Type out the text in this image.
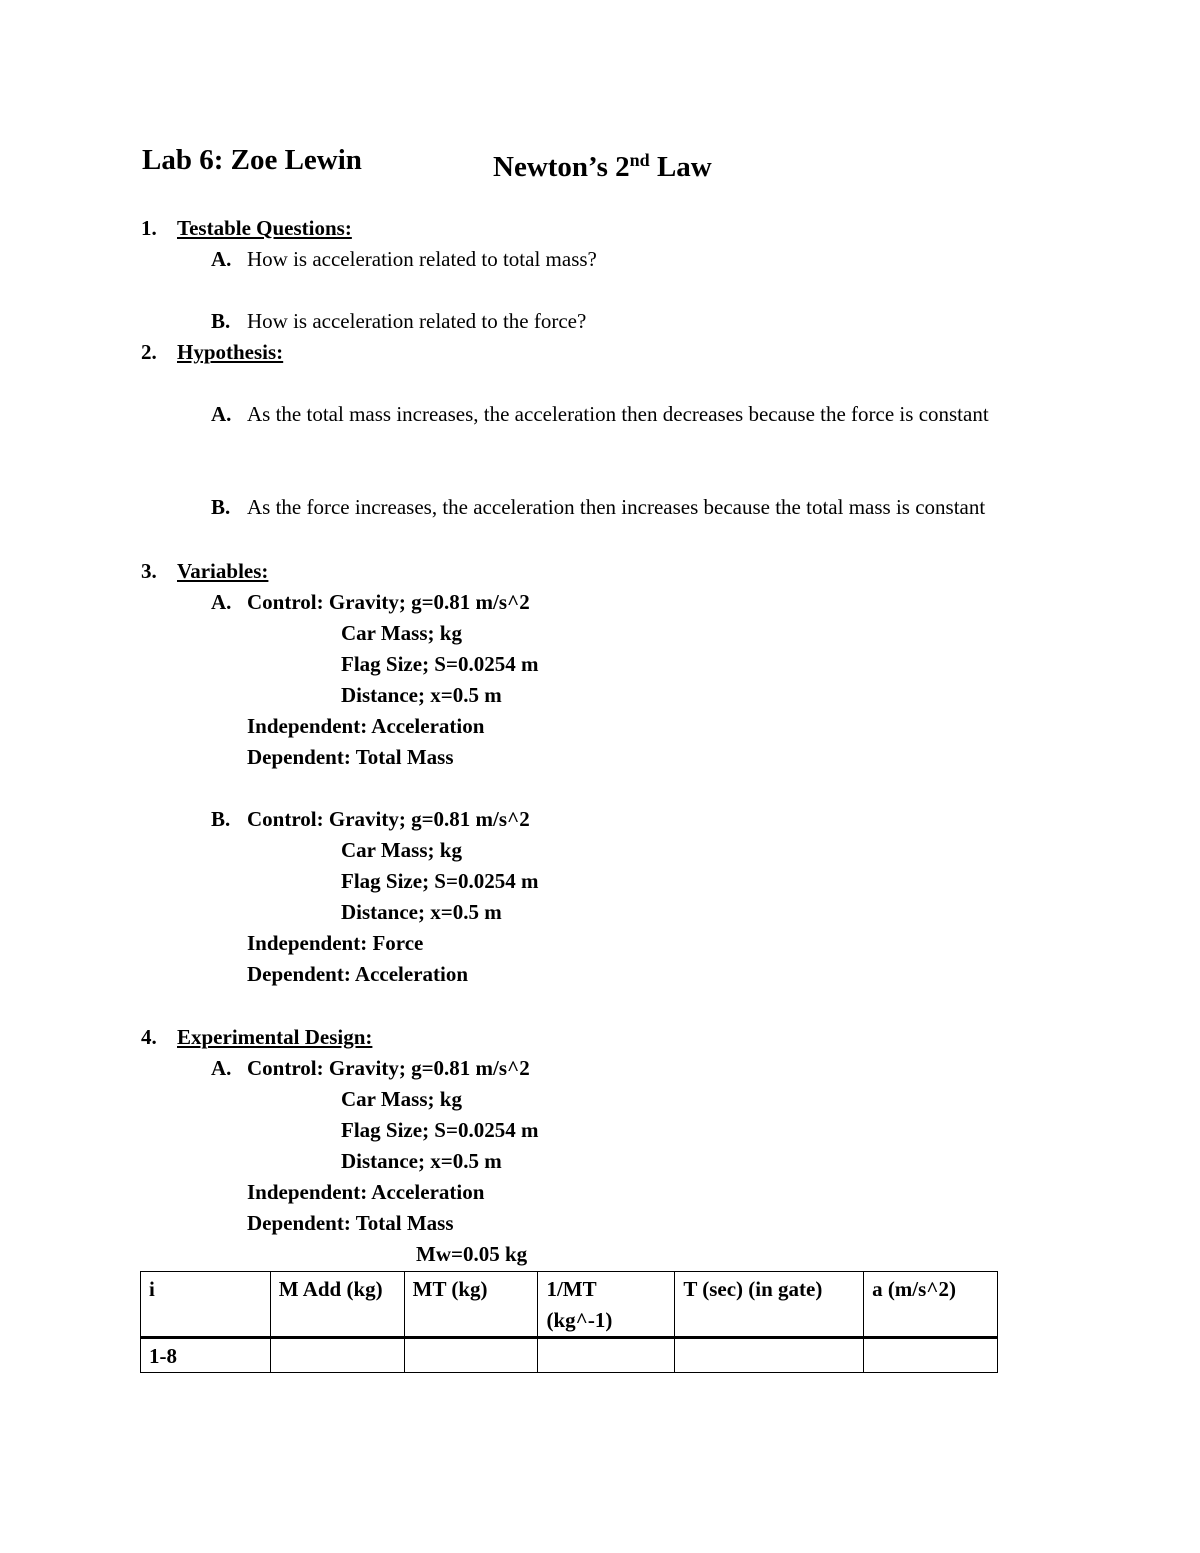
Lab 6: Zoe Lewin	Newton’s 2nd Law
1. Testable Questions:
A. How is acceleration related to total mass?
B. How is acceleration related to the force?
2. Hypothesis:
A. As the total mass increases, the acceleration then decreases because the force is constant
B. As the force increases, the acceleration then increases because the total mass is constant
3. Variables:
A. Control: Gravity; g=0.81 m/s^2
Car Mass; kg
Flag Size; S=0.0254 m
Distance; x=0.5 m
Independent: Acceleration
Dependent: Total Mass
B. Control: Gravity; g=0.81 m/s^2
Car Mass; kg
Flag Size; S=0.0254 m
Distance; x=0.5 m
Independent: Force
Dependent: Acceleration
4. Experimental Design:
A. Control: Gravity; g=0.81 m/s^2
Car Mass; kg
Flag Size; S=0.0254 m
Distance; x=0.5 m
Independent: Acceleration
Dependent: Total Mass
Mw=0.05 kg
i	M Add (kg)	MT (kg)	1/MT (kg^-1)	T (sec) (in gate)	a (m/s^2)
1-8					
